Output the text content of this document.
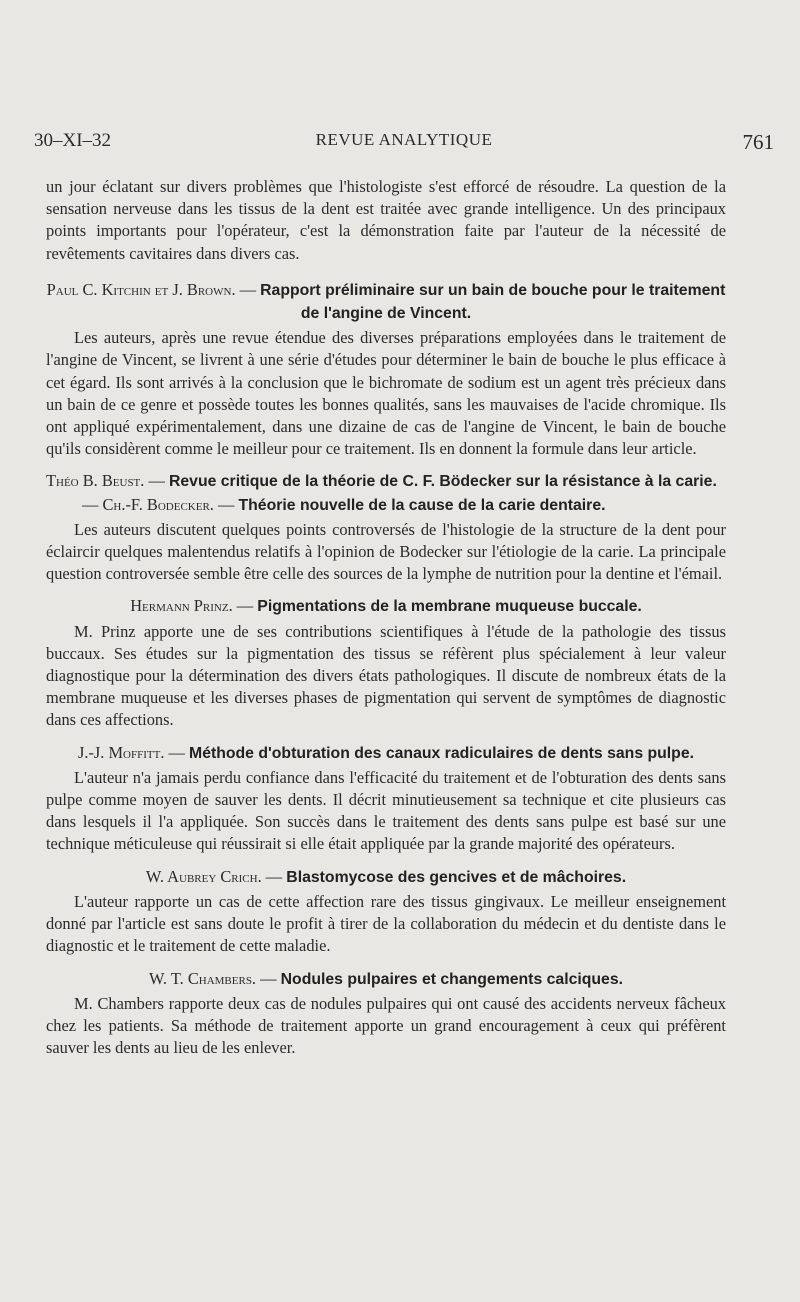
30–XI–32	REVUE ANALYTIQUE	761

un jour éclatant sur divers problèmes que l'histologiste s'est efforcé de résoudre. La question de la sensation nerveuse dans les tissus de la dent est traitée avec grande intelligence. Un des principaux points importants pour l'opérateur, c'est la démonstration faite par l'auteur de la nécessité de revêtements cavitaires dans divers cas.

Paul C. Kitchin et J. Brown. — Rapport préliminaire sur un bain de bouche pour le traitement de l'angine de Vincent.

Les auteurs, après une revue étendue des diverses préparations employées dans le traitement de l'angine de Vincent, se livrent à une série d'études pour déterminer le bain de bouche le plus efficace à cet égard. Ils sont arrivés à la conclusion que le bichromate de sodium est un agent très précieux dans un bain de ce genre et possède toutes les bonnes qualités, sans les mauvaises de l'acide chromique. Ils ont appliqué expérimentalement, dans une dizaine de cas de l'angine de Vincent, le bain de bouche qu'ils considèrent comme le meilleur pour ce traitement. Ils en donnent la formule dans leur article.

Théo B. Beust. — Revue critique de la théorie de C. F. Bödecker sur la résistance à la carie. — Ch.-F. Bodecker. — Théorie nouvelle de la cause de la carie dentaire.

Les auteurs discutent quelques points controversés de l'histologie de la structure de la dent pour éclaircir quelques malentendus relatifs à l'opinion de Bodecker sur l'étiologie de la carie. La principale question controversée semble être celle des sources de la lymphe de nutrition pour la dentine et l'émail.

Hermann Prinz. — Pigmentations de la membrane muqueuse buccale.

M. Prinz apporte une de ses contributions scientifiques à l'étude de la pathologie des tissus buccaux. Ses études sur la pigmentation des tissus se réfèrent plus spécialement à leur valeur diagnostique pour la détermination des divers états pathologiques. Il discute de nombreux états de la membrane muqueuse et les diverses phases de pigmentation qui servent de symptômes de diagnostic dans ces affections.

J.-J. Moffitt. — Méthode d'obturation des canaux radiculaires de dents sans pulpe.

L'auteur n'a jamais perdu confiance dans l'efficacité du traitement et de l'obturation des dents sans pulpe comme moyen de sauver les dents. Il décrit minutieusement sa technique et cite plusieurs cas dans lesquels il l'a appliquée. Son succès dans le traitement des dents sans pulpe est basé sur une technique méticuleuse qui réussirait si elle était appliquée par la grande majorité des opérateurs.

W. Aubrey Crich. — Blastomycose des gencives et de mâchoires.

L'auteur rapporte un cas de cette affection rare des tissus gingivaux. Le meilleur enseignement donné par l'article est sans doute le profit à tirer de la collaboration du médecin et du dentiste dans le diagnostic et le traitement de cette maladie.

W. T. Chambers. — Nodules pulpaires et changements calciques.

M. Chambers rapporte deux cas de nodules pulpaires qui ont causé des accidents nerveux fâcheux chez les patients. Sa méthode de traitement apporte un grand encouragement à ceux qui préfèrent sauver les dents au lieu de les enlever.
